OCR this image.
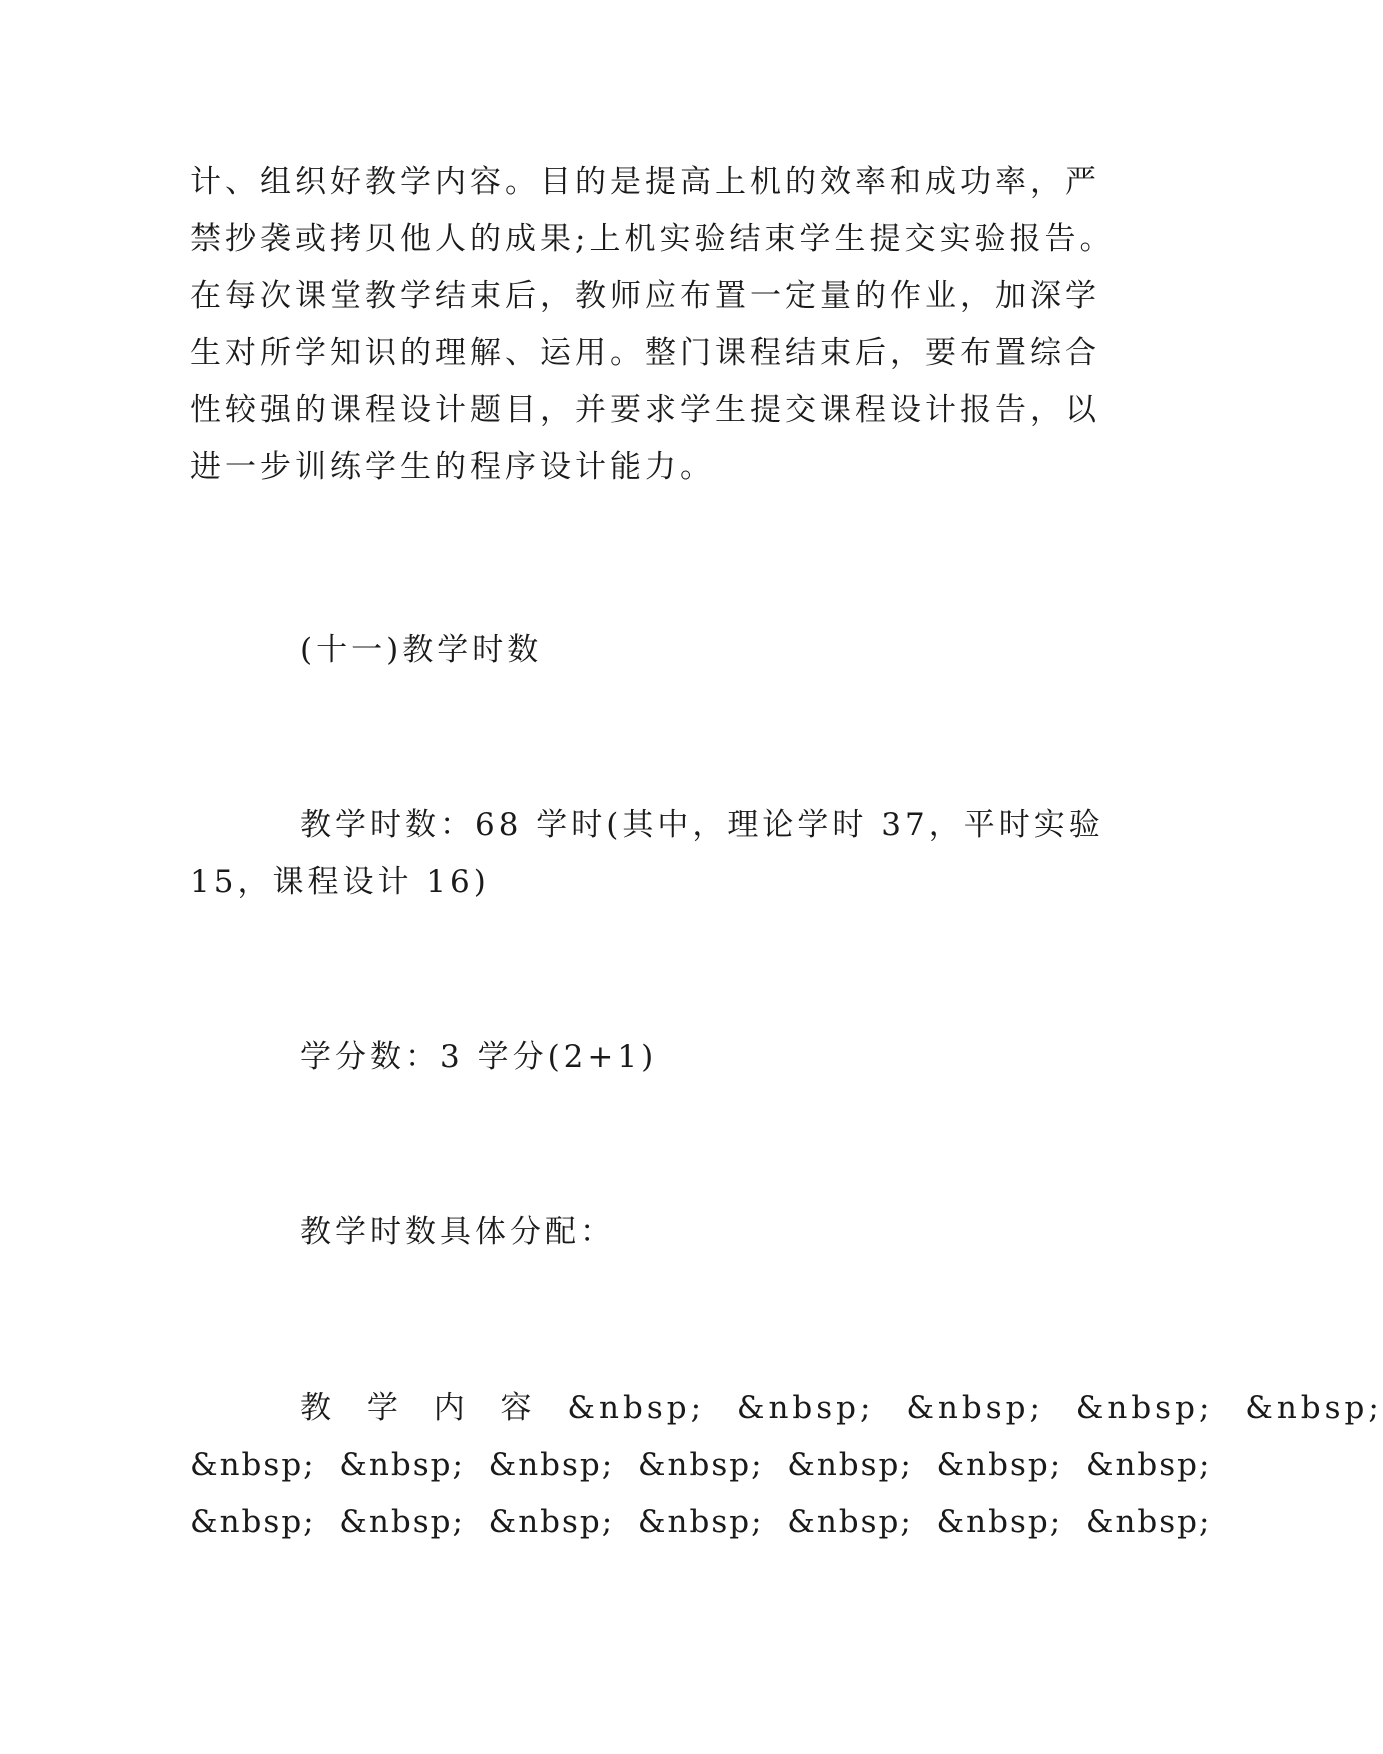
计、组织好教学内容。目的是提高上机的效率和成功率，严
禁抄袭或拷贝他人的成果;上机实验结束学生提交实验报告。
在每次课堂教学结束后，教师应布置一定量的作业，加深学
生对所学知识的理解、运用。整门课程结束后，要布置综合
性较强的课程设计题目，并要求学生提交课程设计报告，以
进一步训练学生的程序设计能力。
(十一)教学时数
教学时数：68 学时(其中，理论学时 37，平时实验
15，课程设计 16)
学分数：3 学分(2+1)
教学时数具体分配：
教 学 内 容 &nbsp; &nbsp; &nbsp; &nbsp; &nbsp;
&nbsp;  &nbsp;  &nbsp;  &nbsp;  &nbsp;  &nbsp;  &nbsp;
&nbsp;  &nbsp;  &nbsp;  &nbsp;  &nbsp;  &nbsp;  &nbsp;
